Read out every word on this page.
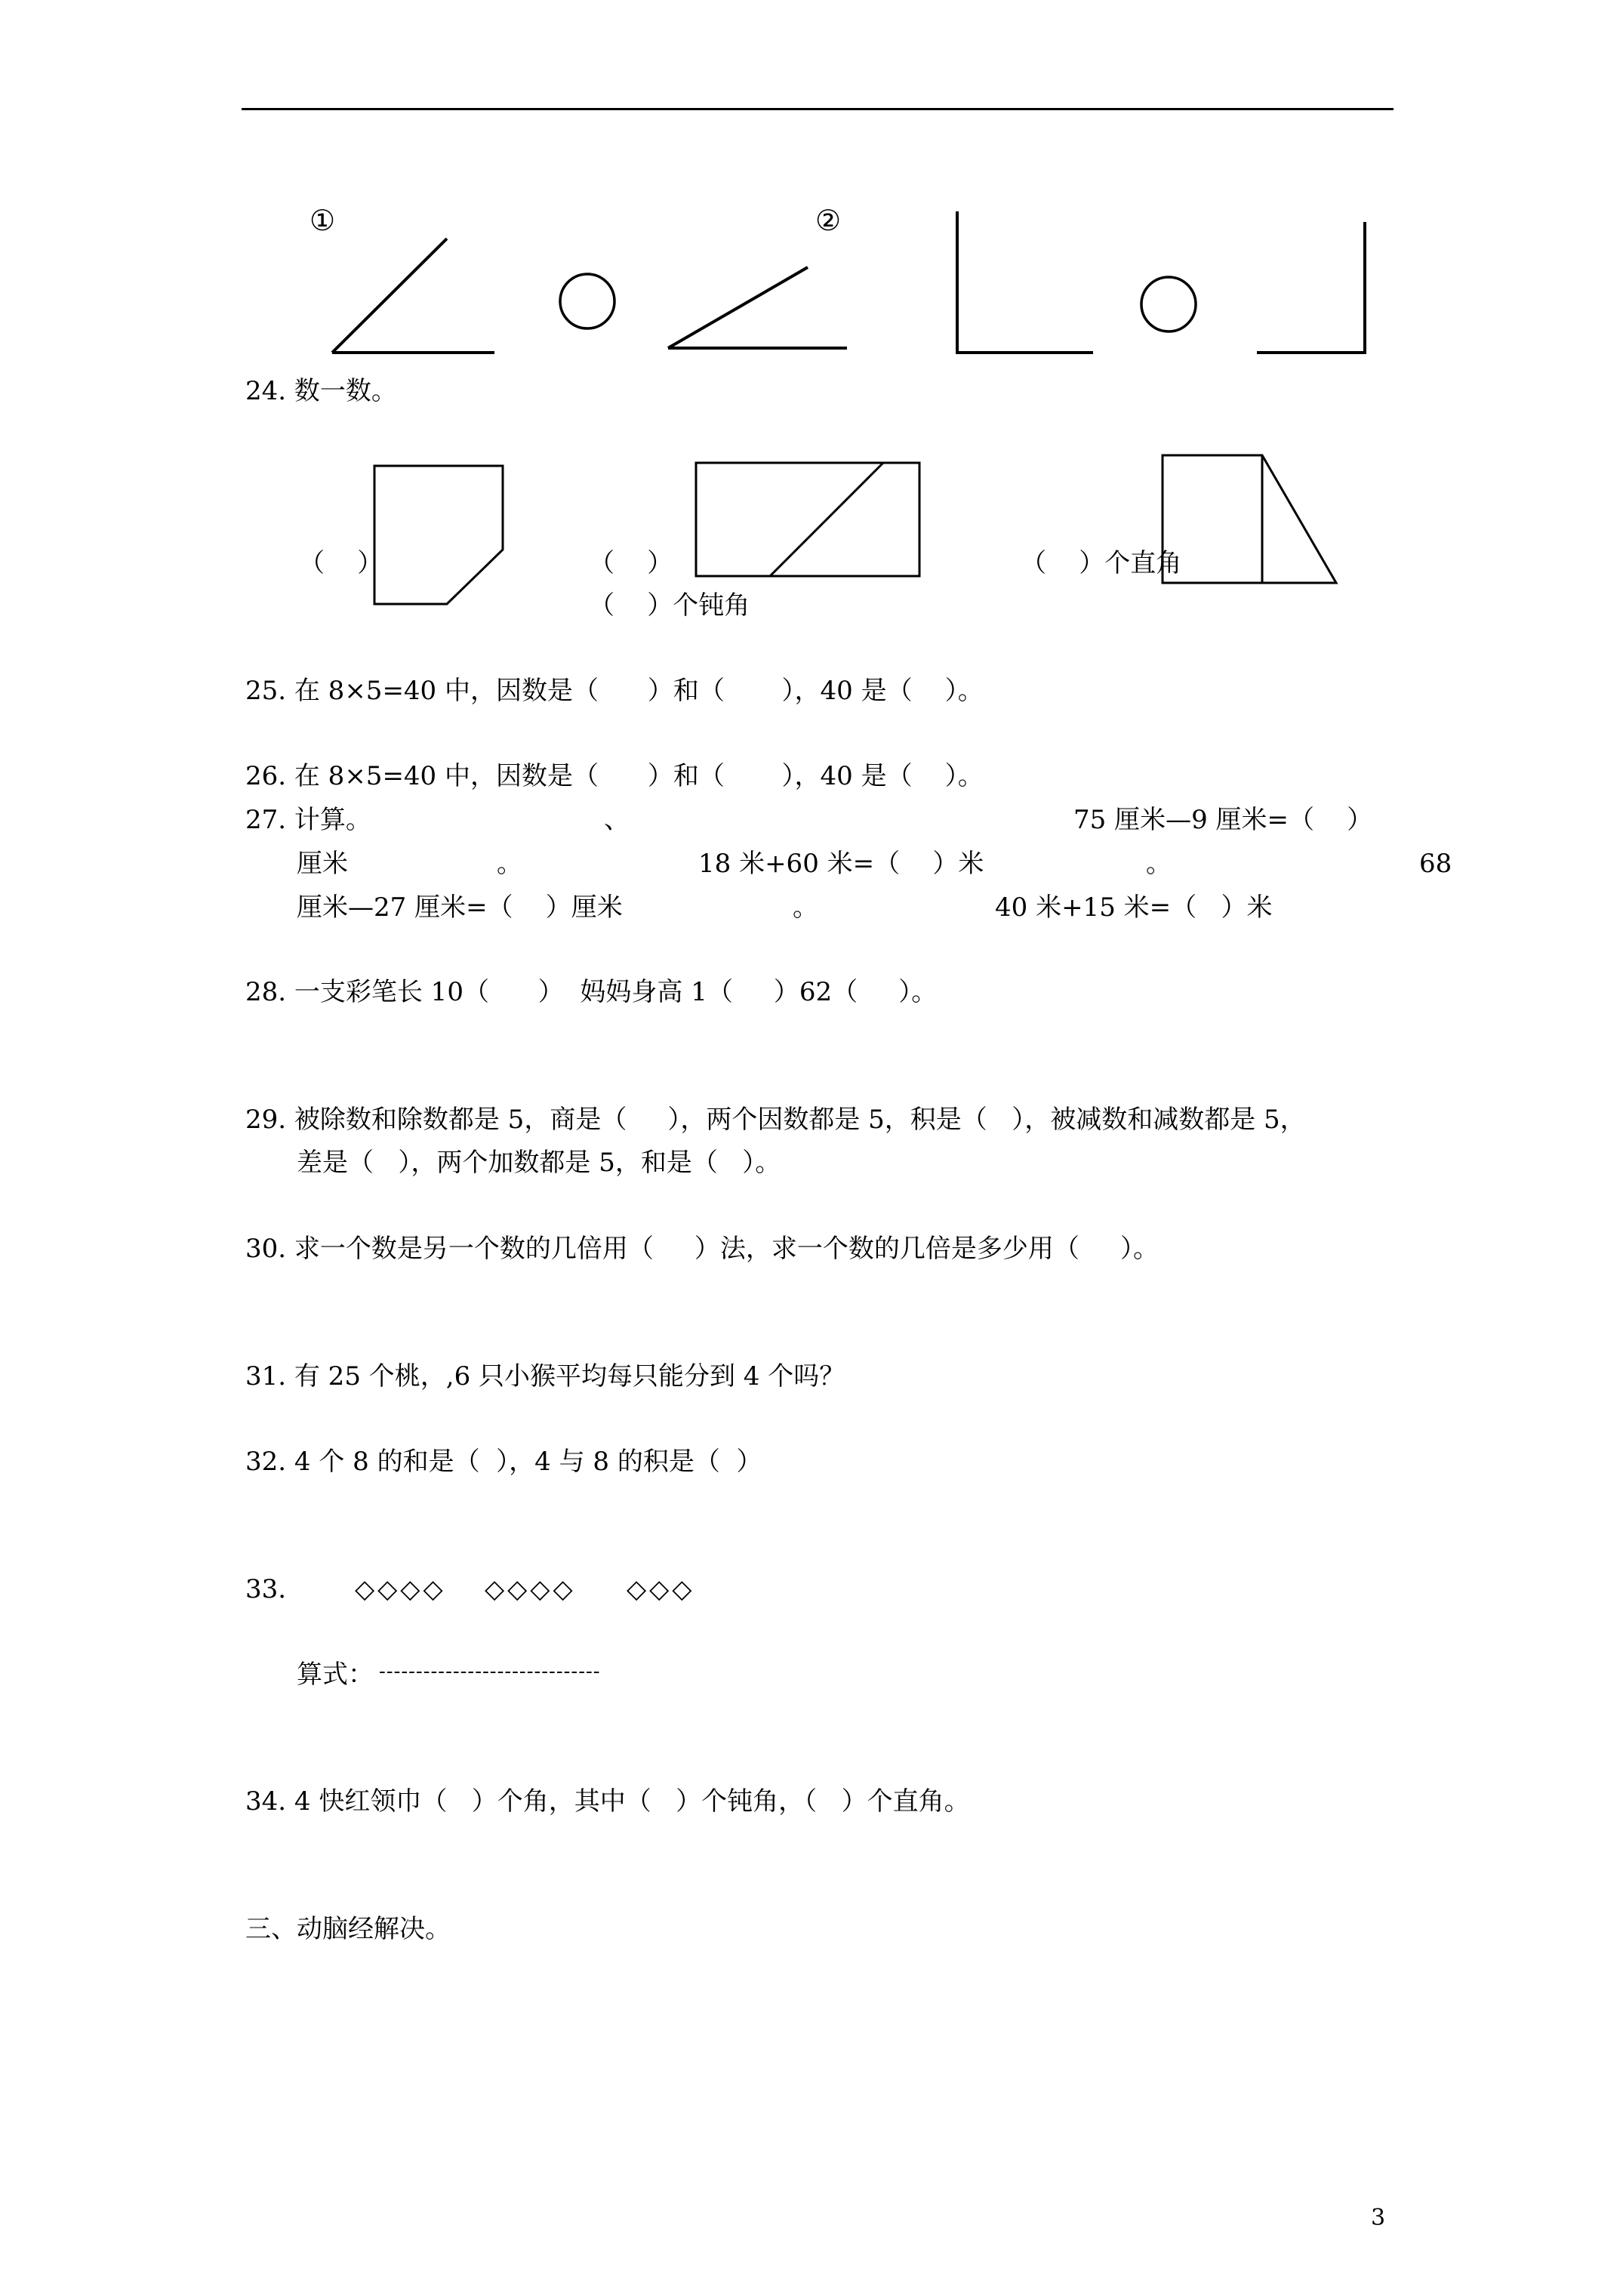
①	②
24. 数一数。
（    ）	（    ）	（    ）个直角
（    ）个钝角
25. 在 8×5=40 中，因数是（      ）和（       ），40 是（    ）。
26. 在 8×5=40 中，因数是（      ）和（       ），40 是（    ）。
27. 计算。	、	75 厘米—9 厘米=（    ）
厘米	。	18 米+60 米=（    ）米	。	68
厘米—27 厘米=（    ）厘米	。	40 米+15 米=（   ）米
28. 一支彩笔长 10（      ）  妈妈身高 1（     ）62（     ）。
29. 被除数和除数都是 5，商是（     ），两个因数都是 5，积是（   ），被减数和减数都是 5，
差是（   ），两个加数都是 5，和是（   ）。
30. 求一个数是另一个数的几倍用（     ）法，求一个数的几倍是多少用（     ）。
31. 有 25 个桃，,6 只小猴平均每只能分到 4 个吗？
32. 4 个 8 的和是（  ），4 与 8 的积是（  ）
33.	◇◇◇◇ ◇◇◇◇ ◇◇◇
算式： ------------------------------
34. 4 快红领巾（   ）个角，其中（   ）个钝角，（   ）个直角。
三、动脑经解决。
3
